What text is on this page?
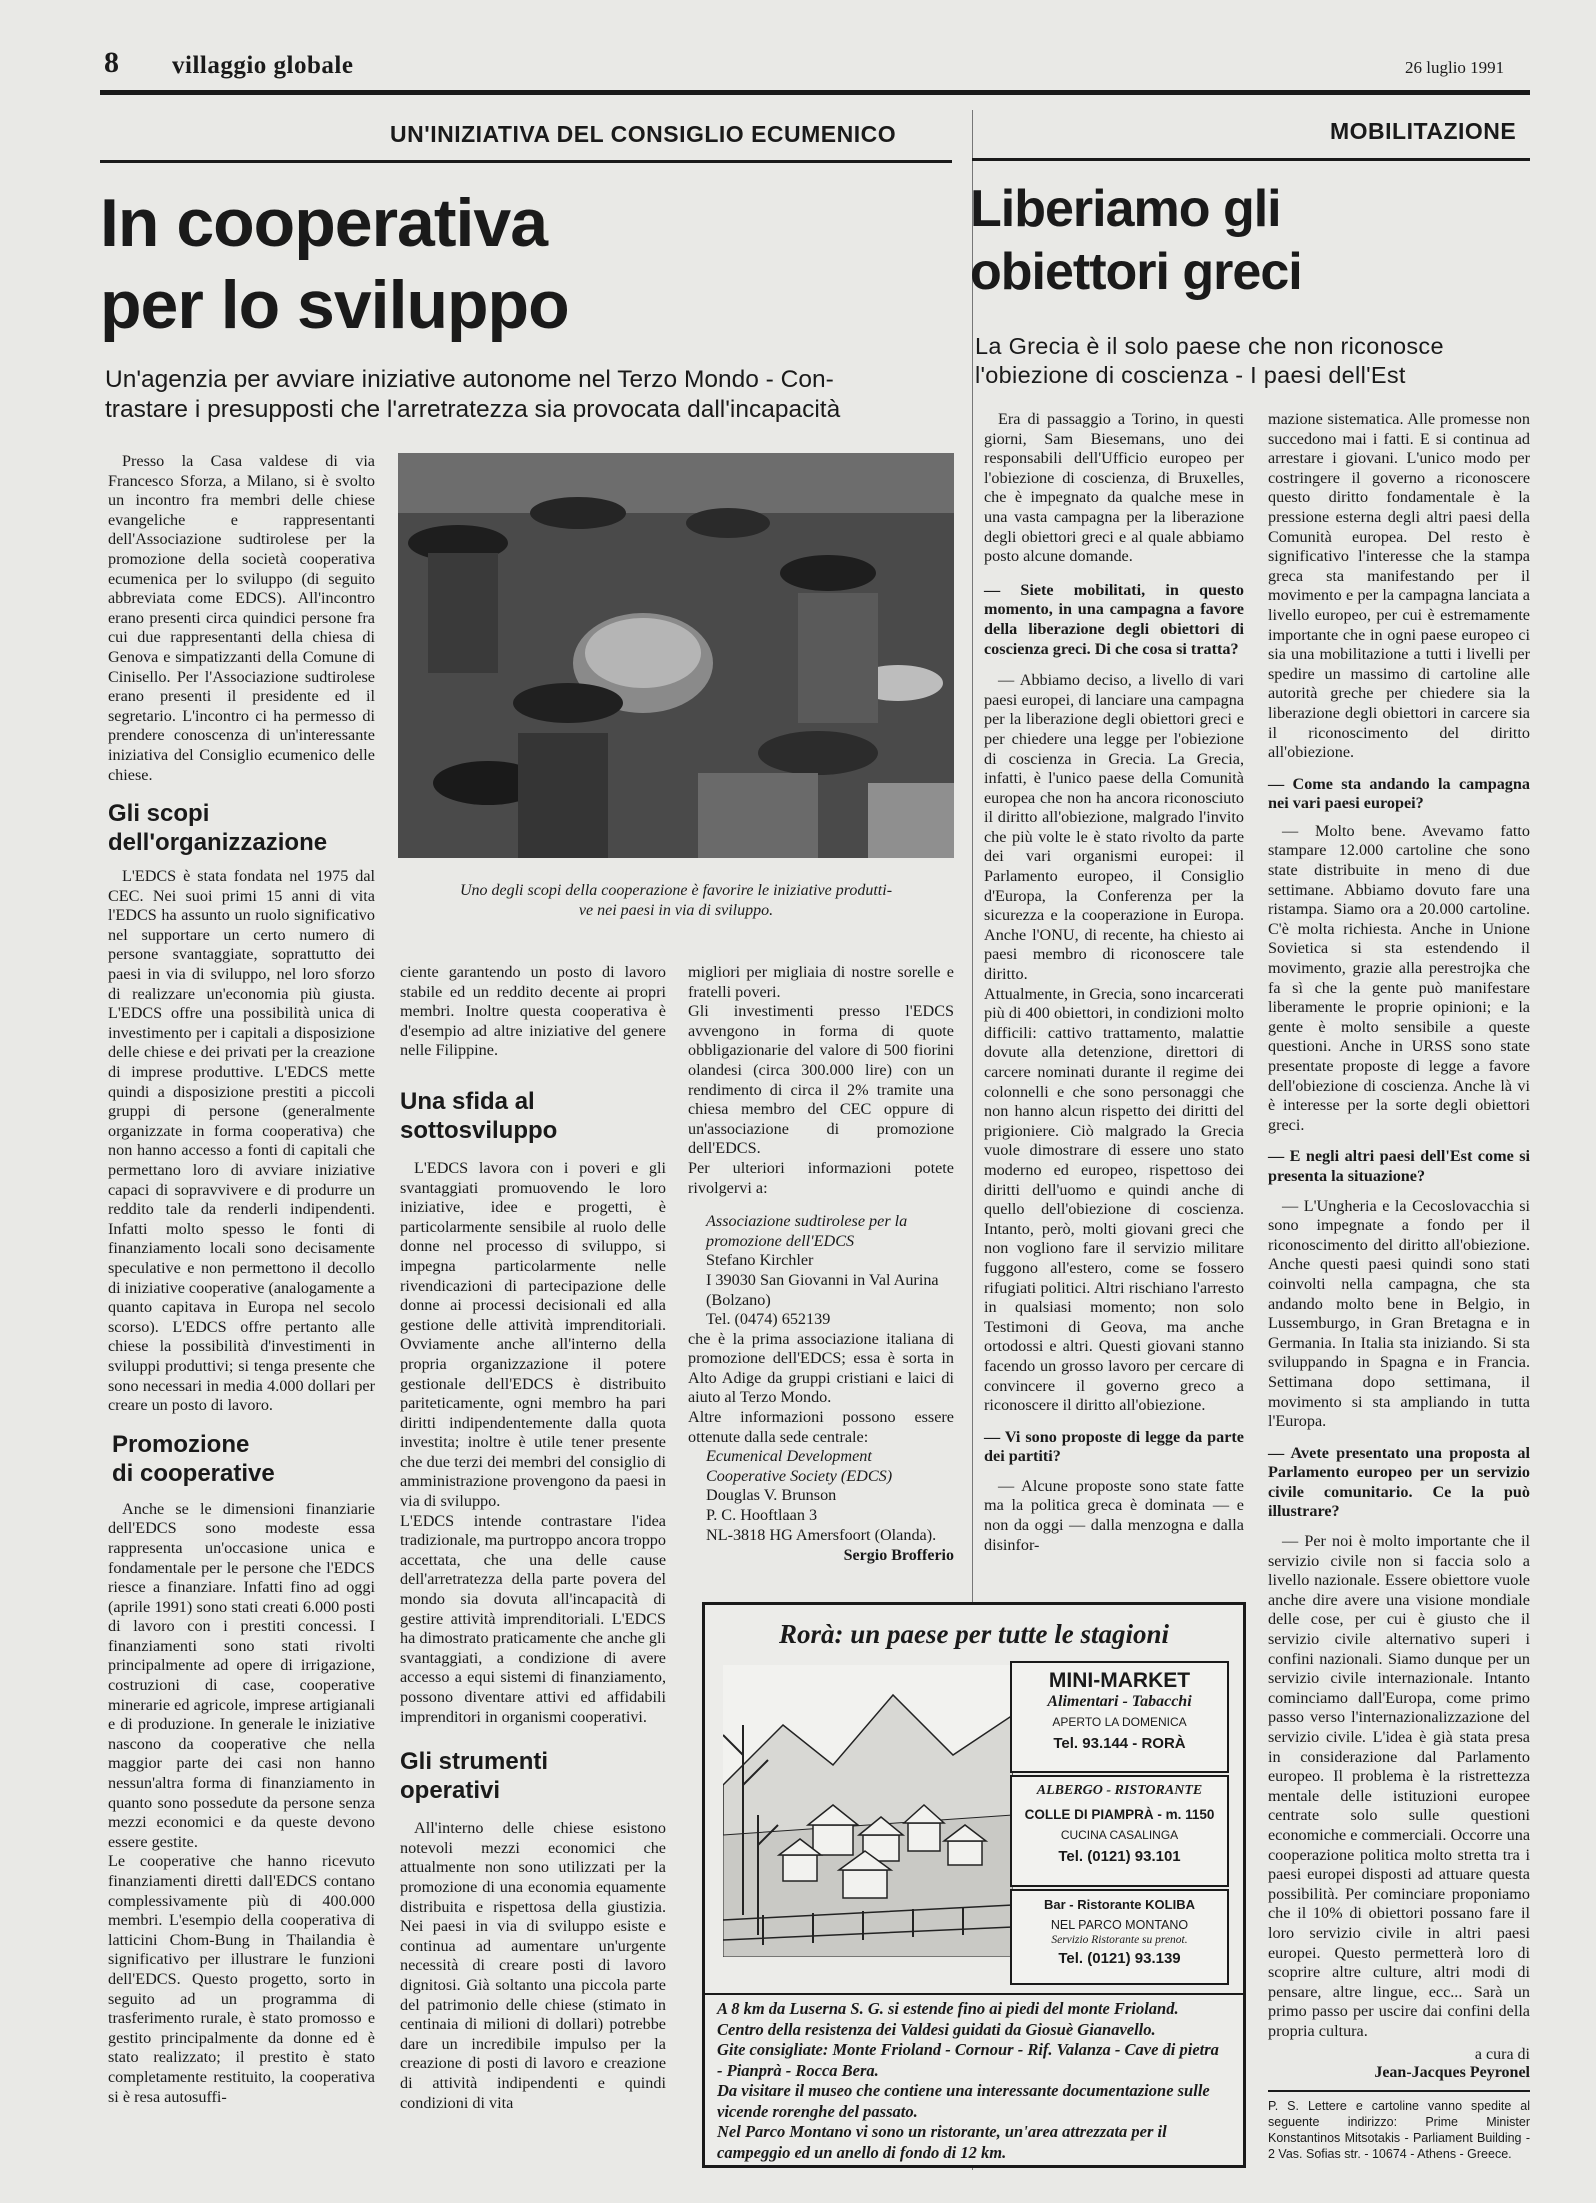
8 villaggio globale	26 luglio 1991
UN'INIZIATIVA DEL CONSIGLIO ECUMENICO
In cooperativa
per lo sviluppo
Un'agenzia per avviare iniziative autonome nel Terzo Mondo - Con-
trastare i presupposti che l'arretratezza sia provocata dall'incapacità
Uno degli scopi della cooperazione è favorire le iniziative produtti-
ve nei paesi in via di sviluppo.
Presso la Casa valdese di via Francesco Sforza, a Milano, si è svolto un incontro fra membri delle chiese evangeliche e rappresentanti dell'Associazione sudtirolese per la promozione della società cooperativa ecumenica per lo sviluppo (di seguito abbreviata come EDCS). All'incontro erano presenti circa quindici persone fra cui due rappresentanti della chiesa di Genova e simpatizzanti della Comune di Cinisello. Per l'Associazione sudtirolese erano presenti il presidente ed il segretario. L'incontro ci ha permesso di prendere conoscenza di un'interessante iniziativa del Consiglio ecumenico delle chiese.
Gli scopi
dell'organizzazione
L'EDCS è stata fondata nel 1975 dal CEC. Nei suoi primi 15 anni di vita l'EDCS ha assunto un ruolo significativo nel supportare un certo numero di persone svantaggiate, soprattutto dei paesi in via di sviluppo, nel loro sforzo di realizzare un'economia più giusta. L'EDCS offre una possibilità unica di investimento per i capitali a disposizione delle chiese e dei privati per la creazione di imprese produttive. L'EDCS mette quindi a disposizione prestiti a piccoli gruppi di persone (generalmente organizzate in forma cooperativa) che non hanno accesso a fonti di capitali che permettano loro di avviare iniziative capaci di sopravvivere e di produrre un reddito tale da renderli indipendenti. Infatti molto spesso le fonti di finanziamento locali sono decisamente speculative e non permettono il decollo di iniziative cooperative (analogamente a quanto capitava in Europa nel secolo scorso). L'EDCS offre pertanto alle chiese la possibilità d'investimenti in sviluppi produttivi; si tenga presente che sono necessari in media 4.000 dollari per creare un posto di lavoro.
Promozione
di cooperative
Anche se le dimensioni finanziarie dell'EDCS sono modeste essa rappresenta un'occasione unica e fondamentale per le persone che l'EDCS riesce a finanziare. Infatti fino ad oggi (aprile 1991) sono stati creati 6.000 posti di lavoro con i prestiti concessi. I finanziamenti sono stati rivolti principalmente ad opere di irrigazione, costruzioni di case, cooperative minerarie ed agricole, imprese artigianali e di produzione. In generale le iniziative nascono da cooperative che nella maggior parte dei casi non hanno nessun'altra forma di finanziamento in quanto sono possedute da persone senza mezzi economici e da queste devono essere gestite.
Le cooperative che hanno ricevuto finanziamenti diretti dall'EDCS contano complessivamente più di 400.000 membri. L'esempio della cooperativa di latticini Chom-Bung in Thailandia è significativo per illustrare le funzioni dell'EDCS. Questo progetto, sorto in seguito ad un programma di trasferimento rurale, è stato promosso e gestito principalmente da donne ed è stato realizzato; il prestito è stato completamente restituito, la cooperativa si è resa autosuffi-
ciente garantendo un posto di lavoro stabile ed un reddito decente ai propri membri. Inoltre questa cooperativa è d'esempio ad altre iniziative del genere nelle Filippine.
Una sfida al
sottosviluppo
L'EDCS lavora con i poveri e gli svantaggiati promuovendo le loro iniziative, idee e progetti, è particolarmente sensibile al ruolo delle donne nel processo di sviluppo, si impegna particolarmente nelle rivendicazioni di partecipazione delle donne ai processi decisionali ed alla gestione delle attività imprenditoriali. Ovviamente anche all'interno della propria organizzazione il potere gestionale dell'EDCS è distribuito pariteticamente, ogni membro ha pari diritti indipendentemente dalla quota investita; inoltre è utile tener presente che due terzi dei membri del consiglio di amministrazione provengono da paesi in via di sviluppo.
L'EDCS intende contrastare l'idea tradizionale, ma purtroppo ancora troppo accettata, che una delle cause dell'arretratezza della parte povera del mondo sia dovuta all'incapacità di gestire attività imprenditoriali. L'EDCS ha dimostrato praticamente che anche gli svantaggiati, a condizione di avere accesso a equi sistemi di finanziamento, possono diventare attivi ed affidabili imprenditori in organismi cooperativi.
Gli strumenti
operativi
All'interno delle chiese esistono notevoli mezzi economici che attualmente non sono utilizzati per la promozione di una economia equamente distribuita e rispettosa della giustizia. Nei paesi in via di sviluppo esiste e continua ad aumentare un'urgente necessità di creare posti di lavoro dignitosi. Già soltanto una piccola parte del patrimonio delle chiese (stimato in centinaia di milioni di dollari) potrebbe dare un incredibile impulso per la creazione di posti di lavoro e creazione di attività indipendenti e quindi condizioni di vita
migliori per migliaia di nostre sorelle e fratelli poveri.
Gli investimenti presso l'EDCS avvengono in forma di quote obbligazionarie del valore di 500 fiorini olandesi (circa 300.000 lire) con un rendimento di circa il 2% tramite una chiesa membro del CEC oppure di un'associazione di promozione dell'EDCS.
Per ulteriori informazioni potete rivolgervi a:
Associazione sudtirolese per la promozione dell'EDCS
Stefano Kirchler
I 39030 San Giovanni in Val Aurina (Bolzano)
Tel. (0474) 652139
che è la prima associazione italiana di promozione dell'EDCS; essa è sorta in Alto Adige da gruppi cristiani e laici di aiuto al Terzo Mondo.
Altre informazioni possono essere ottenute dalla sede centrale:
Ecumenical Development Cooperative Society (EDCS)
Douglas V. Brunson
P. C. Hooftlaan 3
NL-3818 HG Amersfoort (Olanda).
Sergio Brofferio
MOBILITAZIONE
Liberiamo gli
obiettori greci
La Grecia è il solo paese che non riconosce
l'obiezione di coscienza - I paesi dell'Est
Era di passaggio a Torino, in questi giorni, Sam Biesemans, uno dei responsabili dell'Ufficio europeo per l'obiezione di coscienza, di Bruxelles, che è impegnato da qualche mese in una vasta campagna per la liberazione degli obiettori greci e al quale abbiamo posto alcune domande.
— Siete mobilitati, in questo momento, in una campagna a favore della liberazione degli obiettori di coscienza greci. Di che cosa si tratta?
— Abbiamo deciso, a livello di vari paesi europei, di lanciare una campagna per la liberazione degli obiettori greci e per chiedere una legge per l'obiezione di coscienza in Grecia. La Grecia, infatti, è l'unico paese della Comunità europea che non ha ancora riconosciuto il diritto all'obiezione, malgrado l'invito che più volte le è stato rivolto da parte dei vari organismi europei: il Parlamento europeo, il Consiglio d'Europa, la Conferenza per la sicurezza e la cooperazione in Europa. Anche l'ONU, di recente, ha chiesto ai paesi membro di riconoscere tale diritto.
Attualmente, in Grecia, sono incarcerati più di 400 obiettori, in condizioni molto difficili: cattivo trattamento, malattie dovute alla detenzione, direttori di carcere nominati durante il regime dei colonnelli e che sono personaggi che non hanno alcun rispetto dei diritti del prigioniere. Ciò malgrado la Grecia vuole dimostrare di essere uno stato moderno ed europeo, rispettoso dei diritti dell'uomo e quindi anche di quello dell'obiezione di coscienza. Intanto, però, molti giovani greci che non vogliono fare il servizio militare fuggono all'estero, come se fossero rifugiati politici. Altri rischiano l'arresto in qualsiasi momento; non solo Testimoni di Geova, ma anche ortodossi e altri. Questi giovani stanno facendo un grosso lavoro per cercare di convincere il governo greco a riconoscere il diritto all'obiezione.
— Vi sono proposte di legge da parte dei partiti?
— Alcune proposte sono state fatte ma la politica greca è dominata — e non da oggi — dalla menzogna e dalla disinfor-
mazione sistematica. Alle promesse non succedono mai i fatti. E si continua ad arrestare i giovani. L'unico modo per costringere il governo a riconoscere questo diritto fondamentale è la pressione esterna degli altri paesi della Comunità europea. Del resto è significativo l'interesse che la stampa greca sta manifestando per il movimento e per la campagna lanciata a livello europeo, per cui è estremamente importante che in ogni paese europeo ci sia una mobilitazione a tutti i livelli per spedire un massimo di cartoline alle autorità greche per chiedere sia la liberazione degli obiettori in carcere sia il riconoscimento del diritto all'obiezione.
— Come sta andando la campagna nei vari paesi europei?
— Molto bene. Avevamo fatto stampare 12.000 cartoline che sono state distribuite in meno di due settimane. Abbiamo dovuto fare una ristampa. Siamo ora a 20.000 cartoline. C'è molta richiesta. Anche in Unione Sovietica si sta estendendo il movimento, grazie alla perestrojka che fa sì che la gente può manifestare liberamente le proprie opinioni; e la gente è molto sensibile a queste questioni. Anche in URSS sono state presentate proposte di legge a favore dell'obiezione di coscienza. Anche là vi è interesse per la sorte degli obiettori greci.
— E negli altri paesi dell'Est come si presenta la situazione?
— L'Ungheria e la Cecoslovacchia si sono impegnate a fondo per il riconoscimento del diritto all'obiezione. Anche questi paesi quindi sono stati coinvolti nella campagna, che sta andando molto bene in Belgio, in Lussemburgo, in Gran Bretagna e in Germania. In Italia sta iniziando. Si sta sviluppando in Spagna e in Francia. Settimana dopo settimana, il movimento si sta ampliando in tutta l'Europa.
— Avete presentato una proposta al Parlamento europeo per un servizio civile comunitario. Ce la può illustrare?
— Per noi è molto importante che il servizio civile non si faccia solo a livello nazionale. Essere obiettore vuole anche dire avere una visione mondiale delle cose, per cui è giusto che il servizio civile alternativo superi i confini nazionali. Siamo dunque per un servizio civile internazionale. Intanto cominciamo dall'Europa, come primo passo verso l'internazionalizzazione del servizio civile. L'idea è già stata presa in considerazione dal Parlamento europeo. Il problema è la ristrettezza mentale delle istituzioni europee centrate solo sulle questioni economiche e commerciali. Occorre una cooperazione politica molto stretta tra i paesi europei disposti ad attuare questa possibilità. Per cominciare proponiamo che il 10% di obiettori possano fare il loro servizio civile in altri paesi europei. Questo permetterà loro di scoprire altre culture, altri modi di pensare, altre lingue, ecc... Sarà un primo passo per uscire dai confini della propria cultura.
a cura di
Jean-Jacques Peyronel
P. S. Lettere e cartoline vanno spedite al seguente indirizzo: Prime Minister Konstantinos Mitsotakis - Parliament Building - 2 Vas. Sofias str. - 10674 - Athens - Greece.
Rorà: un paese per tutte le stagioni
MINI-MARKET
Alimentari - Tabacchi
APERTO LA DOMENICA
Tel. 93.144 - RORÀ
ALBERGO - RISTORANTE
COLLE DI PIAMPRÀ - m. 1150
CUCINA CASALINGA
Tel. (0121) 93.101
Bar - Ristorante KOLIBA
NEL PARCO MONTANO
Servizio Ristorante su prenot.
Tel. (0121) 93.139
A 8 km da Luserna S. G. si estende fino ai piedi del monte Frioland. Centro della resistenza dei Valdesi guidati da Giosuè Gianavello.
Gite consigliate: Monte Frioland - Cornour - Rif. Valanza - Cave di pietra - Pianprà - Rocca Bera.
Da visitare il museo che contiene una interessante documentazione sulle vicende rorenghe del passato.
Nel Parco Montano vi sono un ristorante, un'area attrezzata per il campeggio ed un anello di fondo di 12 km.
